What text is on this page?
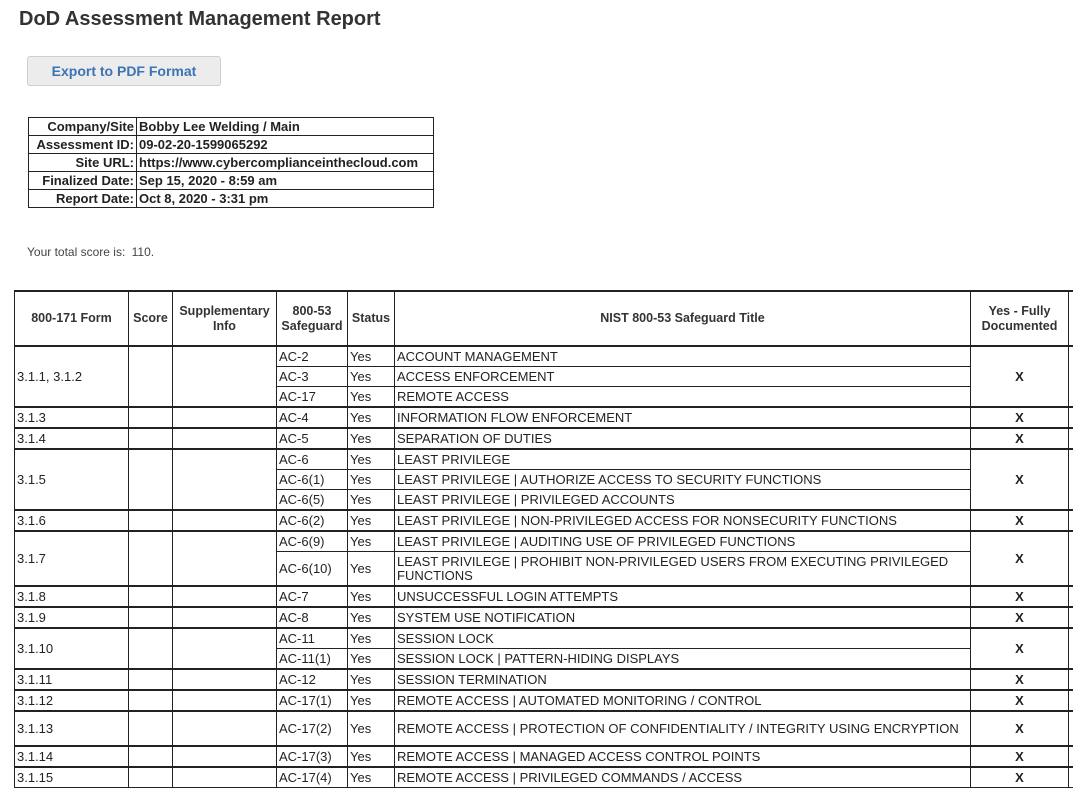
DoD Assessment Management Report
Export to PDF Format
Company/Site	Bobby Lee Welding / Main
Assessment ID:	09-02-20-1599065292
Site URL:	https://www.cybercomplianceinthecloud.com
Finalized Date:	Sep 15, 2020 - 8:59 am
Report Date:	Oct 8, 2020 - 3:31 pm
Your total score is: 110.
800-171 Form	Score	Supplementary Info	800-53 Safeguard	Status	NIST 800-53 Safeguard Title	Yes - Fully Documented	
3.1.1, 3.1.2			AC-2	Yes	ACCOUNT MANAGEMENT	X	
			AC-3	Yes	ACCESS ENFORCEMENT		
			AC-17	Yes	REMOTE ACCESS		
3.1.3			AC-4	Yes	INFORMATION FLOW ENFORCEMENT	X	
3.1.4			AC-5	Yes	SEPARATION OF DUTIES	X	
3.1.5			AC-6	Yes	LEAST PRIVILEGE	X	
			AC-6(1)	Yes	LEAST PRIVILEGE | AUTHORIZE ACCESS TO SECURITY FUNCTIONS		
			AC-6(5)	Yes	LEAST PRIVILEGE | PRIVILEGED ACCOUNTS		
3.1.6			AC-6(2)	Yes	LEAST PRIVILEGE | NON-PRIVILEGED ACCESS FOR NONSECURITY FUNCTIONS	X	
3.1.7			AC-6(9)	Yes	LEAST PRIVILEGE | AUDITING USE OF PRIVILEGED FUNCTIONS	X	
			AC-6(10)	Yes	LEAST PRIVILEGE | PROHIBIT NON-PRIVILEGED USERS FROM EXECUTING PRIVILEGED FUNCTIONS		
3.1.8			AC-7	Yes	UNSUCCESSFUL LOGIN ATTEMPTS	X	
3.1.9			AC-8	Yes	SYSTEM USE NOTIFICATION	X	
3.1.10			AC-11	Yes	SESSION LOCK	X	
			AC-11(1)	Yes	SESSION LOCK | PATTERN-HIDING DISPLAYS		
3.1.11			AC-12	Yes	SESSION TERMINATION	X	
3.1.12			AC-17(1)	Yes	REMOTE ACCESS | AUTOMATED MONITORING / CONTROL	X	
3.1.13			AC-17(2)	Yes	REMOTE ACCESS | PROTECTION OF CONFIDENTIALITY / INTEGRITY USING ENCRYPTION	X	
3.1.14			AC-17(3)	Yes	REMOTE ACCESS | MANAGED ACCESS CONTROL POINTS	X	
3.1.15			AC-17(4)	Yes	REMOTE ACCESS | PRIVILEGED COMMANDS / ACCESS	X	
